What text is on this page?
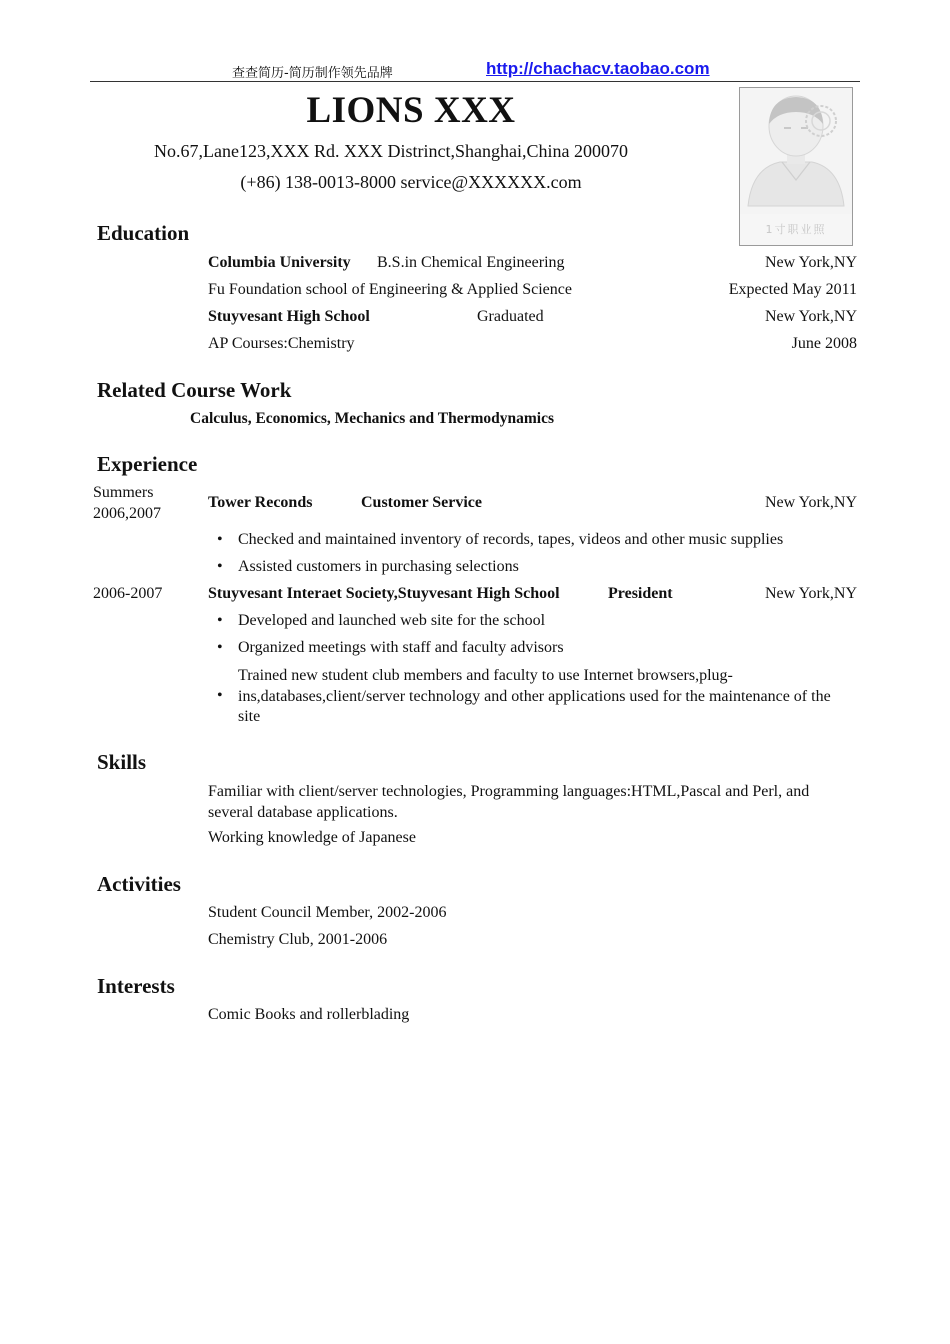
查查简历-简历制作领先品牌	http://chachacv.taobao.com
LIONS XXX
No.67,Lane123,XXX Rd. XXX Distrinct,Shanghai,China 200070
(+86) 138-0013-8000 service@XXXXXX.com
1寸职业照
Education
Columbia University B.S.in Chemical Engineering	New York,NY
Fu Foundation school of Engineering & Applied Science	Expected May 2011
Stuyvesant High School	Graduated	New York,NY
AP Courses:Chemistry	June 2008
Related Course Work
Calculus, Economics, Mechanics and Thermodynamics
Experience
Summers
2006,2007
Tower Reconds	Customer Service	New York,NY
• Checked and maintained inventory of records, tapes, videos and other music supplies
• Assisted customers in purchasing selections
2006-2007	Stuyvesant Interaet Society,Stuyvesant High School	President	New York,NY
• Developed and launched web site for the school
• Organized meetings with staff and faculty advisors
•
Trained new student club members and faculty to use Internet browsers,plug-ins,databases,client/server technology and other applications used for the maintenance of the site
Skills
Familiar with client/server technologies, Programming languages:HTML,Pascal and Perl, and several database applications.
Working knowledge of Japanese
Activities
Student Council Member, 2002-2006
Chemistry Club, 2001-2006
Interests
Comic Books and rollerblading
